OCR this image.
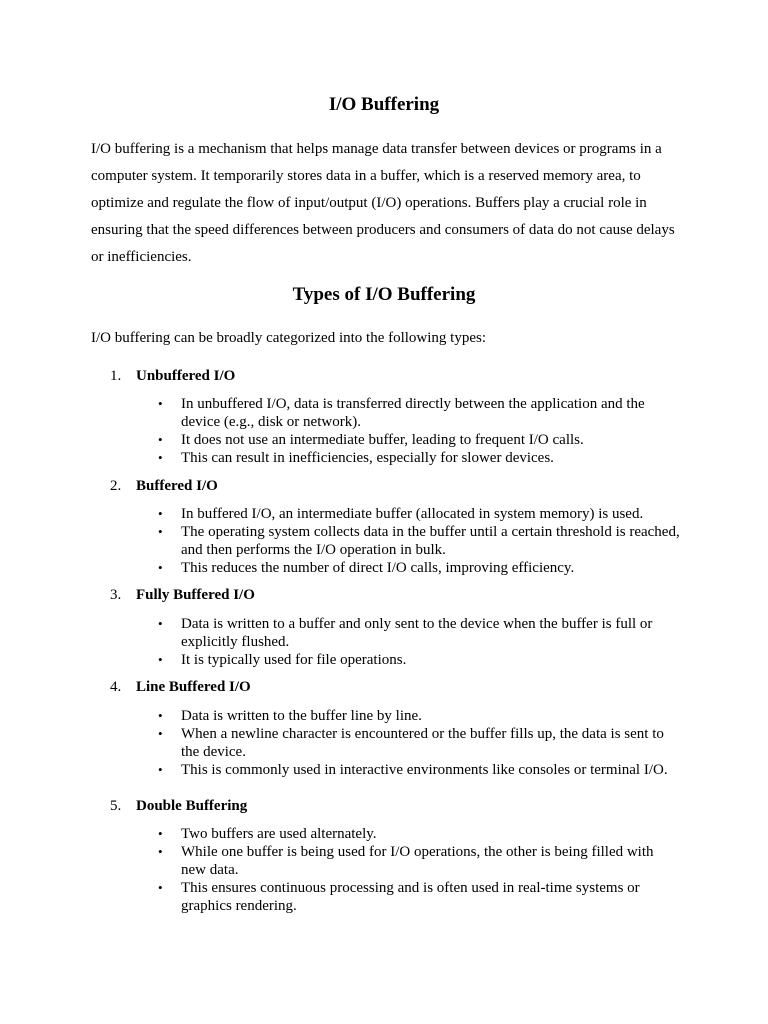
I/O Buffering

I/O buffering is a mechanism that helps manage data transfer between devices or programs in a computer system. It temporarily stores data in a buffer, which is a reserved memory area, to optimize and regulate the flow of input/output (I/O) operations. Buffers play a crucial role in ensuring that the speed differences between producers and consumers of data do not cause delays or inefficiencies.

Types of I/O Buffering

I/O buffering can be broadly categorized into the following types:

1. Unbuffered I/O
• In unbuffered I/O, data is transferred directly between the application and the device (e.g., disk or network).
• It does not use an intermediate buffer, leading to frequent I/O calls.
• This can result in inefficiencies, especially for slower devices.
2. Buffered I/O
• In buffered I/O, an intermediate buffer (allocated in system memory) is used.
• The operating system collects data in the buffer until a certain threshold is reached, and then performs the I/O operation in bulk.
• This reduces the number of direct I/O calls, improving efficiency.
3. Fully Buffered I/O
• Data is written to a buffer and only sent to the device when the buffer is full or explicitly flushed.
• It is typically used for file operations.
4. Line Buffered I/O
• Data is written to the buffer line by line.
• When a newline character is encountered or the buffer fills up, the data is sent to the device.
• This is commonly used in interactive environments like consoles or terminal I/O.
5. Double Buffering
• Two buffers are used alternately.
• While one buffer is being used for I/O operations, the other is being filled with new data.
• This ensures continuous processing and is often used in real-time systems or graphics rendering.
